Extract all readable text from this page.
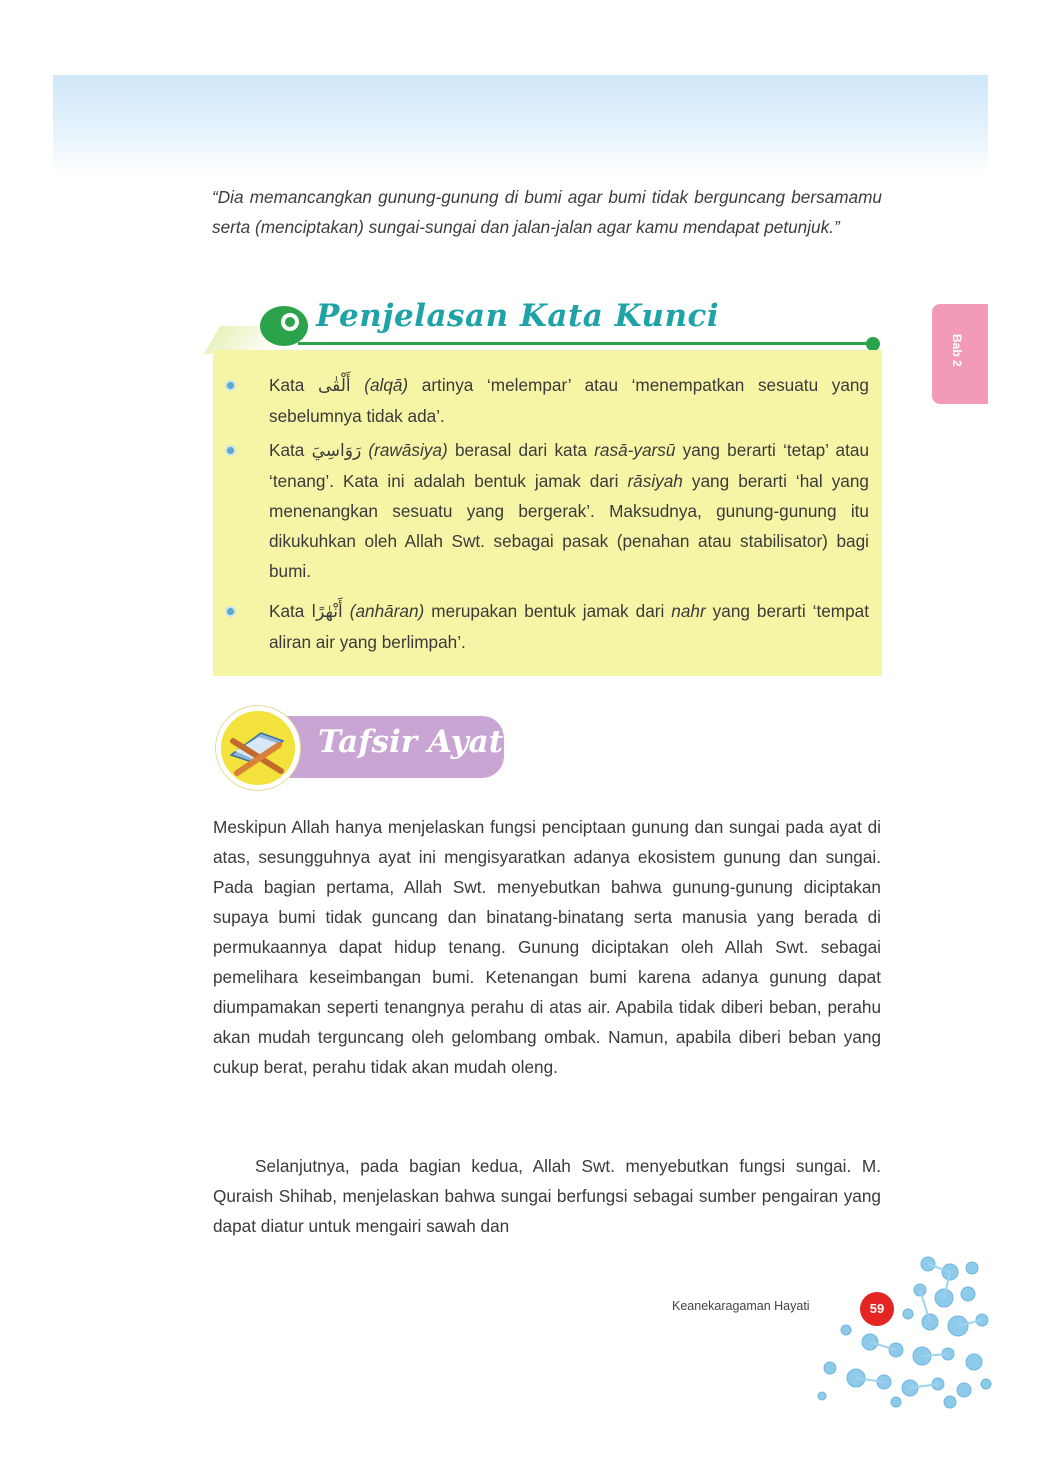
Bab 2
“Dia memancangkan gunung-gunung di bumi agar bumi tidak berguncang bersamamu serta (menciptakan) sungai-sungai dan jalan-jalan agar kamu mendapat petunjuk.”
Penjelasan Kata Kunci
Kata أَلْقٰى (alqā) artinya ‘melempar’ atau ‘menempatkan sesuatu yang sebelumnya tidak ada’.
Kata رَوَاسِيَ (rawāsiya) berasal dari kata rasā-yarsū yang berarti ‘tetap’ atau ‘tenang’. Kata ini adalah bentuk jamak dari rāsiyah yang berarti ‘hal yang menenangkan sesuatu yang bergerak’. Maksudnya, gunung-gunung itu dikukuhkan oleh Allah Swt. sebagai pasak (penahan atau stabilisator) bagi bumi.
Kata أَنْهٰرًا (anhāran) merupakan bentuk jamak dari nahr yang berarti ‘tempat aliran air yang berlimpah’.
Tafsir Ayat

Meskipun Allah hanya menjelaskan fungsi penciptaan gunung dan sungai pada ayat di atas, sesungguhnya ayat ini mengisyaratkan adanya ekosistem gunung dan sungai. Pada bagian pertama, Allah Swt. menyebutkan bahwa gunung-gunung diciptakan supaya bumi tidak guncang dan binatang-binatang serta manusia yang berada di permukaannya dapat hidup tenang. Gunung diciptakan oleh Allah Swt. sebagai pemelihara keseimbangan bumi. Ketenangan bumi karena adanya gunung dapat diumpamakan seperti tenangnya perahu di atas air. Apabila tidak diberi beban, perahu akan mudah terguncang oleh gelombang ombak. Namun, apabila diberi beban yang cukup berat, perahu tidak akan mudah oleng.

Selanjutnya, pada bagian kedua, Allah Swt. menyebutkan fungsi sungai. M. Quraish Shihab, menjelaskan bahwa sungai berfungsi sebagai sumber pengairan yang dapat diatur untuk mengairi sawah dan

Keanekaragaman Hayati	59
